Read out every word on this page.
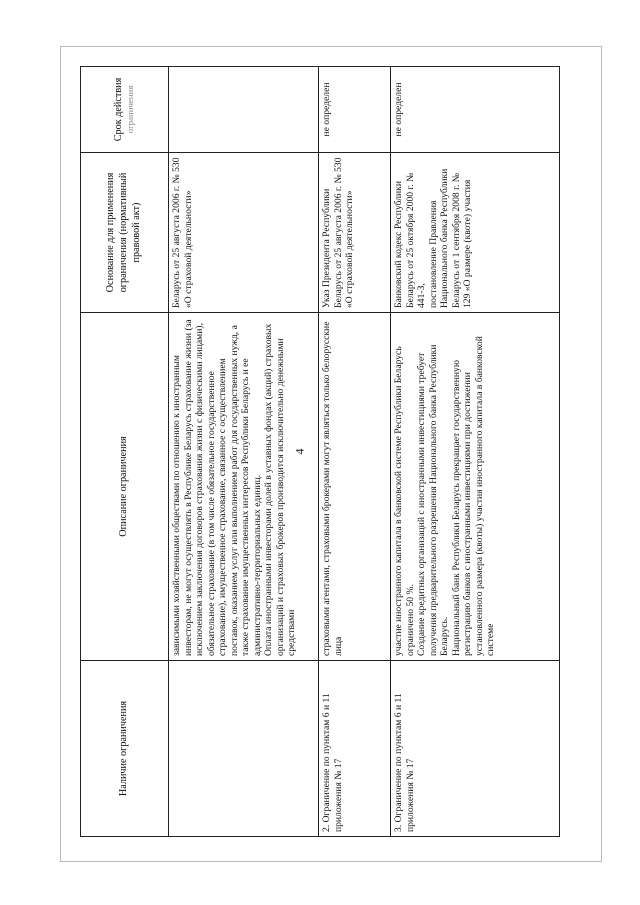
4
Наличие ограничения	Описание ограничения	Основание для применения ограничения (нормативный правовой акт)	Срок действия ограничения

	зависимыми хозяйственными обществами по отношению к иностранным инвесторам, не могут осуществлять в Республике Беларусь страхование жизни (за исключением заключения договоров страхования жизни с физическими лицами), обязательное страхование (в том числе обязательное государственное страхование), имущественное страхование, связанное с осуществлением поставок, оказанием услуг или выполнением работ для государственных нужд, а также страхование имущественных интересов Республики Беларусь и ее административно-территориальных единиц. Оплата иностранными инвесторами долей в уставных фондах (акций) страховых организаций и страховых брокеров производится исключительно денежными средствами	Беларусь от 25 августа 2006 г. № 530 «О страховой деятельности»	
2. Ограничение по пунктам 6 и 11 приложения № 17	страховыми агентами, страховыми брокерами могут являться только белорусские лица	Указ Президента Республики Беларусь от 25 августа 2006 г. № 530 «О страховой деятельности»	не определен
3. Ограничение по пунктам 6 и 11 приложения № 17	участие иностранного капитала в банковской системе Республики Беларусь ограничено 50 %. Создание кредитных организаций с иностранными инвестициями требует получения предварительного разрешения Национального банка Республики Беларусь. Национальный банк Республики Беларусь прекращает государственную регистрацию банков с иностранными инвестициями при достижении установленного размера (квоты) участия иностранного капитала в банковской системе	Банковский кодекс Республики Беларусь от 25 октября 2000 г. № 441-З, постановление Правления Национального банка Республики Беларусь от 1 сентября 2008 г. № 129 «О размере (квоте) участия	не определен
